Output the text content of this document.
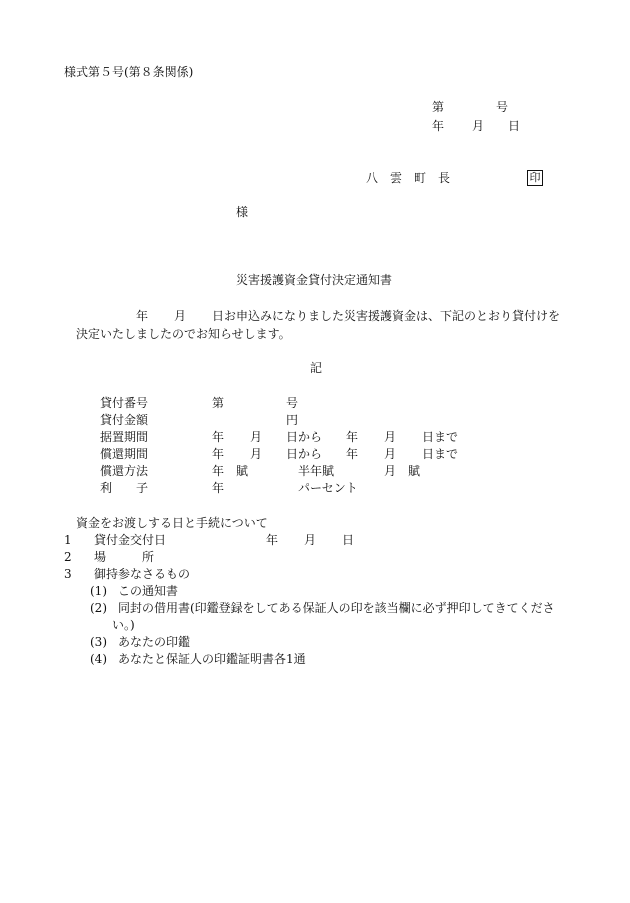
様式第５号(第８条関係)
第	号
年 月 日
八　雲　町　長	印
様
災害援護資金貸付決定通知書
年 月 日お申込みになりました災害援護資金は、下記のとおり貸付けを
決定いたしましたのでお知らせします。
記
貸付番号	第	号
貸付金額	円
据置期間	年 月 日から 年 月 日まで
償還期間	年 月 日から 年 月 日まで
償還方法	年　賦	半年賦	月　賦
利　　子	年	パーセント
資金をお渡しする日と手続について
1 貸付金交付日	年 月 日
2 場　　　所
3 御持参なさるもの
(1) この通知書
(2) 同封の借用書(印鑑登録をしてある保証人の印を該当欄に必ず押印してきてくださ
い。)
(3) あなたの印鑑
(4) あなたと保証人の印鑑証明書各1通
